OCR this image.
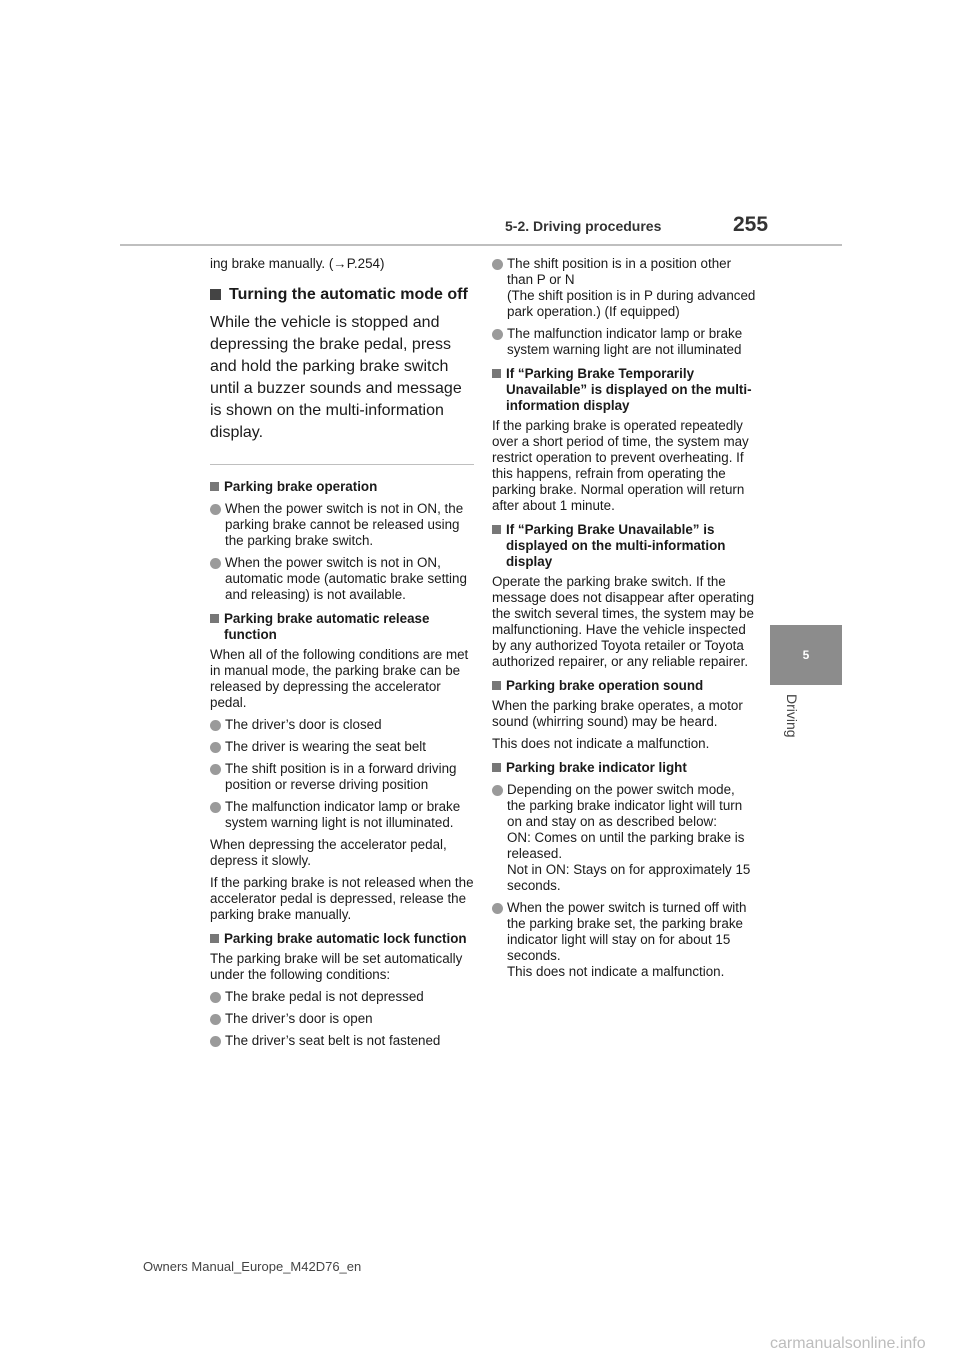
5-2. Driving procedures	255
5
Driving
ing brake manually. (→P.254)
Turning the automatic mode off
While the vehicle is stopped and depressing the brake pedal, press and hold the parking brake switch until a buzzer sounds and message is shown on the multi-information display.
Parking brake operation
When the power switch is not in ON, the parking brake cannot be released using the parking brake switch.
When the power switch is not in ON, automatic mode (automatic brake setting and releasing) is not available.
Parking brake automatic release function
When all of the following conditions are met in manual mode, the parking brake can be released by depressing the accelerator pedal.
The driver’s door is closed
The driver is wearing the seat belt
The shift position is in a forward driving position or reverse driving position
The malfunction indicator lamp or brake system warning light is not illuminated.
When depressing the accelerator pedal, depress it slowly.
If the parking brake is not released when the accelerator pedal is depressed, release the parking brake manually.
Parking brake automatic lock function
The parking brake will be set automatically under the following conditions:
The brake pedal is not depressed
The driver’s door is open
The driver’s seat belt is not fastened
The shift position is in a position other than P or N
(The shift position is in P during advanced park operation.) (If equipped)
The malfunction indicator lamp or brake system warning light are not illuminated
If “Parking Brake Temporarily Unavailable” is displayed on the multi-information display
If the parking brake is operated repeatedly over a short period of time, the system may restrict operation to prevent overheating. If this happens, refrain from operating the parking brake. Normal operation will return after about 1 minute.
If “Parking Brake Unavailable” is displayed on the multi-information display
Operate the parking brake switch. If the message does not disappear after operating the switch several times, the system may be malfunctioning. Have the vehicle inspected by any authorized Toyota retailer or Toyota authorized repairer, or any reliable repairer.
Parking brake operation sound
When the parking brake operates, a motor sound (whirring sound) may be heard.
This does not indicate a malfunction.
Parking brake indicator light
Depending on the power switch mode, the parking brake indicator light will turn on and stay on as described below:
ON: Comes on until the parking brake is released.
Not in ON: Stays on for approximately 15 seconds.
When the power switch is turned off with the parking brake set, the parking brake indicator light will stay on for about 15 seconds.
This does not indicate a malfunction.
Owners Manual_Europe_M42D76_en
carmanualsonline.info
